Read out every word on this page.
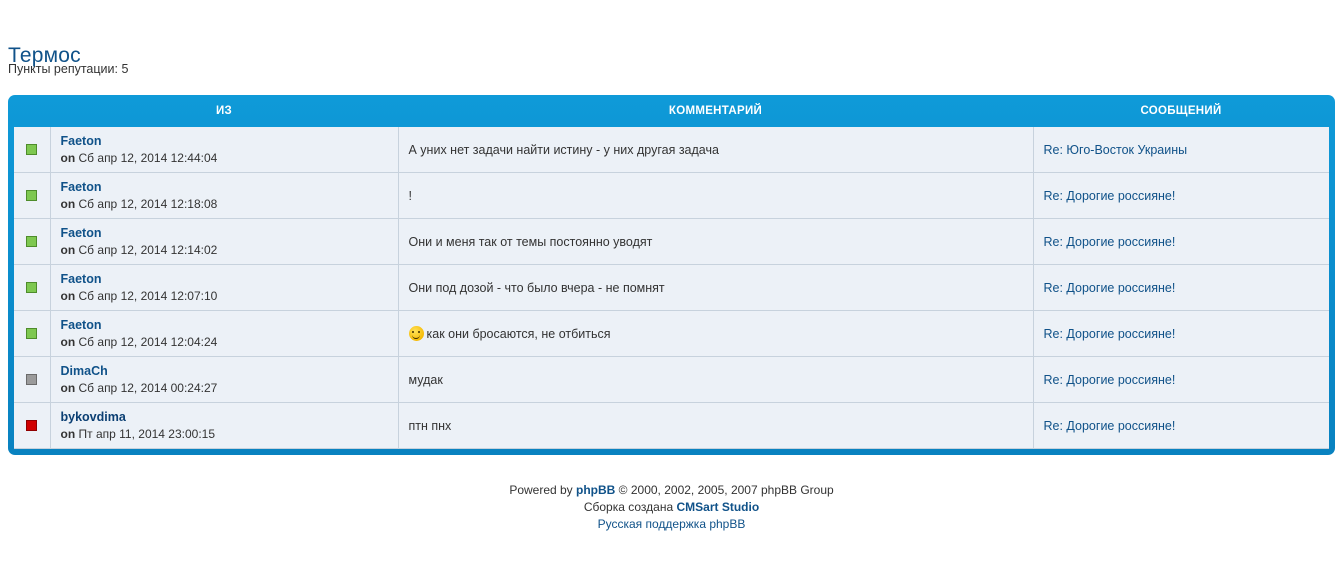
Термос
Пункты репутации: 5
	ИЗ	КОММЕНТАРИЙ	СООБЩЕНИЙ

	Faeton
on Сб апр 12, 2014 12:44:04	А уних нет задачи найти истину - у них другая задача	Re: Юго-Восток Украины

	Faeton
on Сб апр 12, 2014 12:18:08	!	Re: Дорогие россияне!

	Faeton
on Сб апр 12, 2014 12:14:02	Они и меня так от темы постоянно уводят	Re: Дорогие россияне!

	Faeton
on Сб апр 12, 2014 12:07:10	Они под дозой - что было вчера - не помнят	Re: Дорогие россияне!

	Faeton
on Сб апр 12, 2014 12:04:24	как они бросаются, не отбиться	Re: Дорогие россияне!

	DimaCh
on Сб апр 12, 2014 00:24:27	мудак	Re: Дорогие россияне!

	bykovdima
on Пт апр 11, 2014 23:00:15	птн пнх	Re: Дорогие россияне!
Powered by phpBB © 2000, 2002, 2005, 2007 phpBB Group
Сборка создана CMSart Studio
Русская поддержка phpBB
